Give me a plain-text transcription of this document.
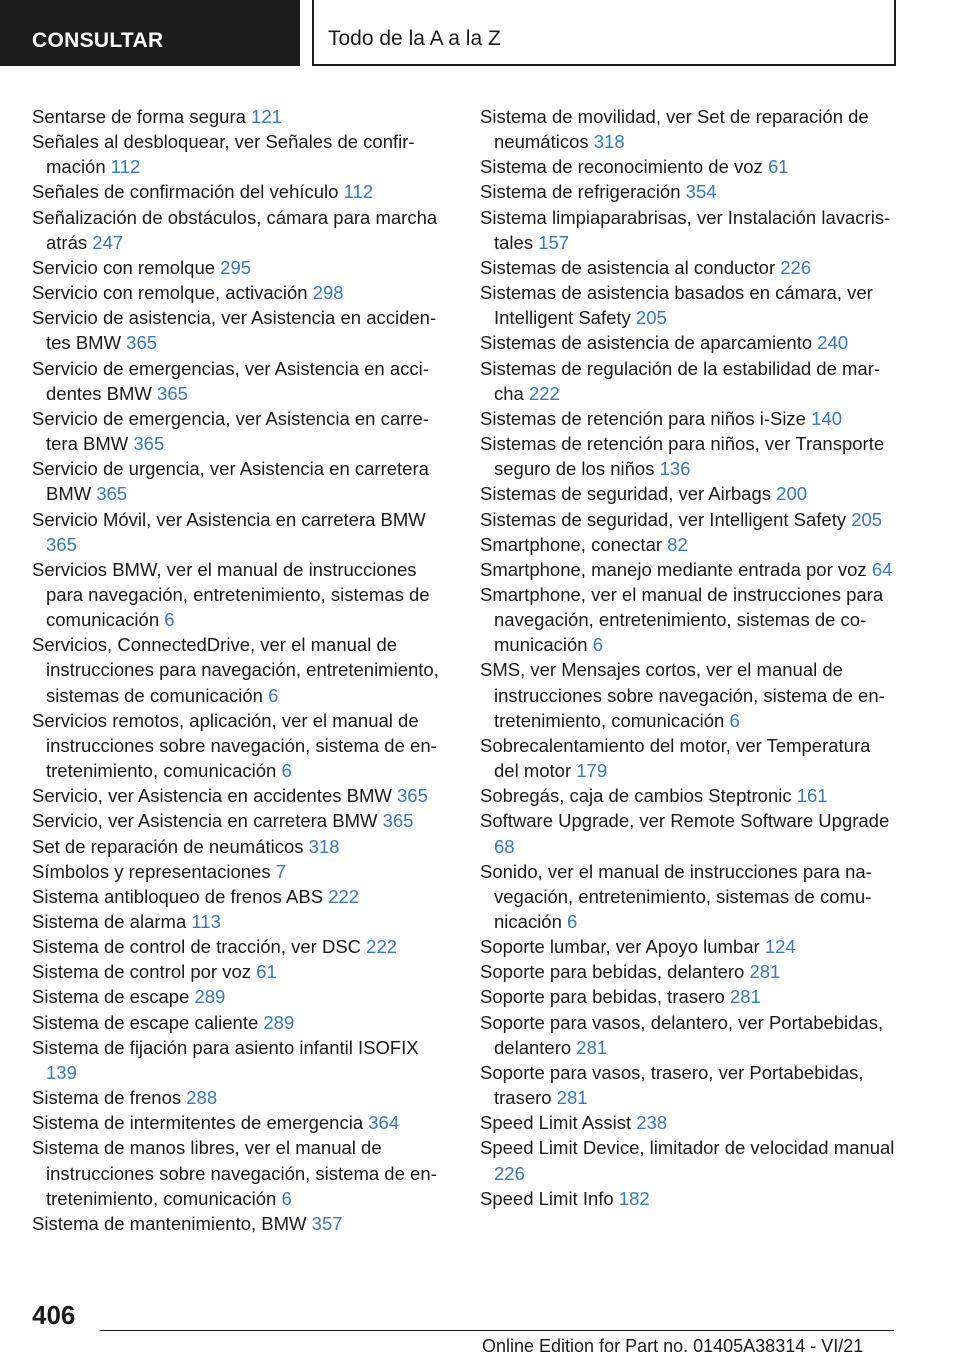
CONSULTAR	Todo de la A a la Z
Sentarse de forma segura 121
Señales al desbloquear, ver Señales de confirmación 112
Señales de confirmación del vehículo 112
Señalización de obstáculos, cámara para marcha atrás 247
Servicio con remolque 295
Servicio con remolque, activación 298
Servicio de asistencia, ver Asistencia en accidentes BMW 365
Servicio de emergencias, ver Asistencia en accidentes BMW 365
Servicio de emergencia, ver Asistencia en carretera BMW 365
Servicio de urgencia, ver Asistencia en carretera BMW 365
Servicio Móvil, ver Asistencia en carretera BMW 365
Servicios BMW, ver el manual de instrucciones para navegación, entretenimiento, sistemas de comunicación 6
Servicios, ConnectedDrive, ver el manual de instrucciones para navegación, entretenimiento, sistemas de comunicación 6
Servicios remotos, aplicación, ver el manual de instrucciones sobre navegación, sistema de entretenimiento, comunicación 6
Servicio, ver Asistencia en accidentes BMW 365
Servicio, ver Asistencia en carretera BMW 365
Set de reparación de neumáticos 318
Símbolos y representaciones 7
Sistema antibloqueo de frenos ABS 222
Sistema de alarma 113
Sistema de control de tracción, ver DSC 222
Sistema de control por voz 61
Sistema de escape 289
Sistema de escape caliente 289
Sistema de fijación para asiento infantil ISOFIX 139
Sistema de frenos 288
Sistema de intermitentes de emergencia 364
Sistema de manos libres, ver el manual de instrucciones sobre navegación, sistema de entretenimiento, comunicación 6
Sistema de mantenimiento, BMW 357
Sistema de movilidad, ver Set de reparación de neumáticos 318
Sistema de reconocimiento de voz 61
Sistema de refrigeración 354
Sistema limpiaparabrisas, ver Instalación lavacristales 157
Sistemas de asistencia al conductor 226
Sistemas de asistencia basados en cámara, ver Intelligent Safety 205
Sistemas de asistencia de aparcamiento 240
Sistemas de regulación de la estabilidad de marcha 222
Sistemas de retención para niños i-Size 140
Sistemas de retención para niños, ver Transporte seguro de los niños 136
Sistemas de seguridad, ver Airbags 200
Sistemas de seguridad, ver Intelligent Safety 205
Smartphone, conectar 82
Smartphone, manejo mediante entrada por voz 64
Smartphone, ver el manual de instrucciones para navegación, entretenimiento, sistemas de comunicación 6
SMS, ver Mensajes cortos, ver el manual de instrucciones sobre navegación, sistema de entretenimiento, comunicación 6
Sobrecalentamiento del motor, ver Temperatura del motor 179
Sobregás, caja de cambios Steptronic 161
Software Upgrade, ver Remote Software Upgrade 68
Sonido, ver el manual de instrucciones para navegación, entretenimiento, sistemas de comunicación 6
Soporte lumbar, ver Apoyo lumbar 124
Soporte para bebidas, delantero 281
Soporte para bebidas, trasero 281
Soporte para vasos, delantero, ver Portabebidas, delantero 281
Soporte para vasos, trasero, ver Portabebidas, trasero 281
Speed Limit Assist 238
Speed Limit Device, limitador de velocidad manual 226
Speed Limit Info 182
406
Online Edition for Part no. 01405A38314 - VI/21
